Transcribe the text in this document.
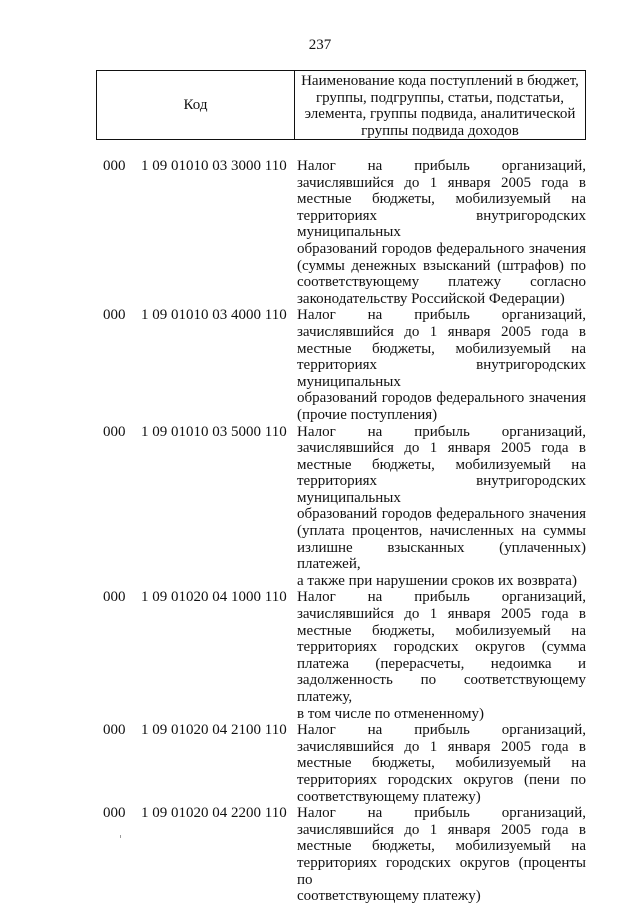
237
Код
Наименование кода поступлений в бюджет, группы, подгруппы, статьи, подстатьи, элемента, группы подвида, аналитической группы подвида доходов
000 1 09 01010 03 3000 110 Налог на прибыль организаций,
зачислявшийся до 1 января 2005 года в
местные бюджеты, мобилизуемый на
территориях внутригородских муниципальных
образований городов федерального значения
(суммы денежных взысканий (штрафов) по
соответствующему платежу согласно
законодательству Российской Федерации)
000 1 09 01010 03 4000 110 Налог на прибыль организаций,
зачислявшийся до 1 января 2005 года в
местные бюджеты, мобилизуемый на
территориях внутригородских муниципальных
образований городов федерального значения
(прочие поступления)
000 1 09 01010 03 5000 110 Налог на прибыль организаций,
зачислявшийся до 1 января 2005 года в
местные бюджеты, мобилизуемый на
территориях внутригородских муниципальных
образований городов федерального значения
(уплата процентов, начисленных на суммы
излишне взысканных (уплаченных) платежей,
а также при нарушении сроков их возврата)
000 1 09 01020 04 1000 110 Налог на прибыль организаций,
зачислявшийся до 1 января 2005 года в
местные бюджеты, мобилизуемый на
территориях городских округов (сумма
платежа (перерасчеты, недоимка и
задолженность по соответствующему платежу,
в том числе по отмененному)
000 1 09 01020 04 2100 110 Налог на прибыль организаций,
зачислявшийся до 1 января 2005 года в
местные бюджеты, мобилизуемый на
территориях городских округов (пени по
соответствующему платежу)
000 1 09 01020 04 2200 110 Налог на прибыль организаций,
зачислявшийся до 1 января 2005 года в
местные бюджеты, мобилизуемый на
территориях городских округов (проценты по
соответствующему платежу)
